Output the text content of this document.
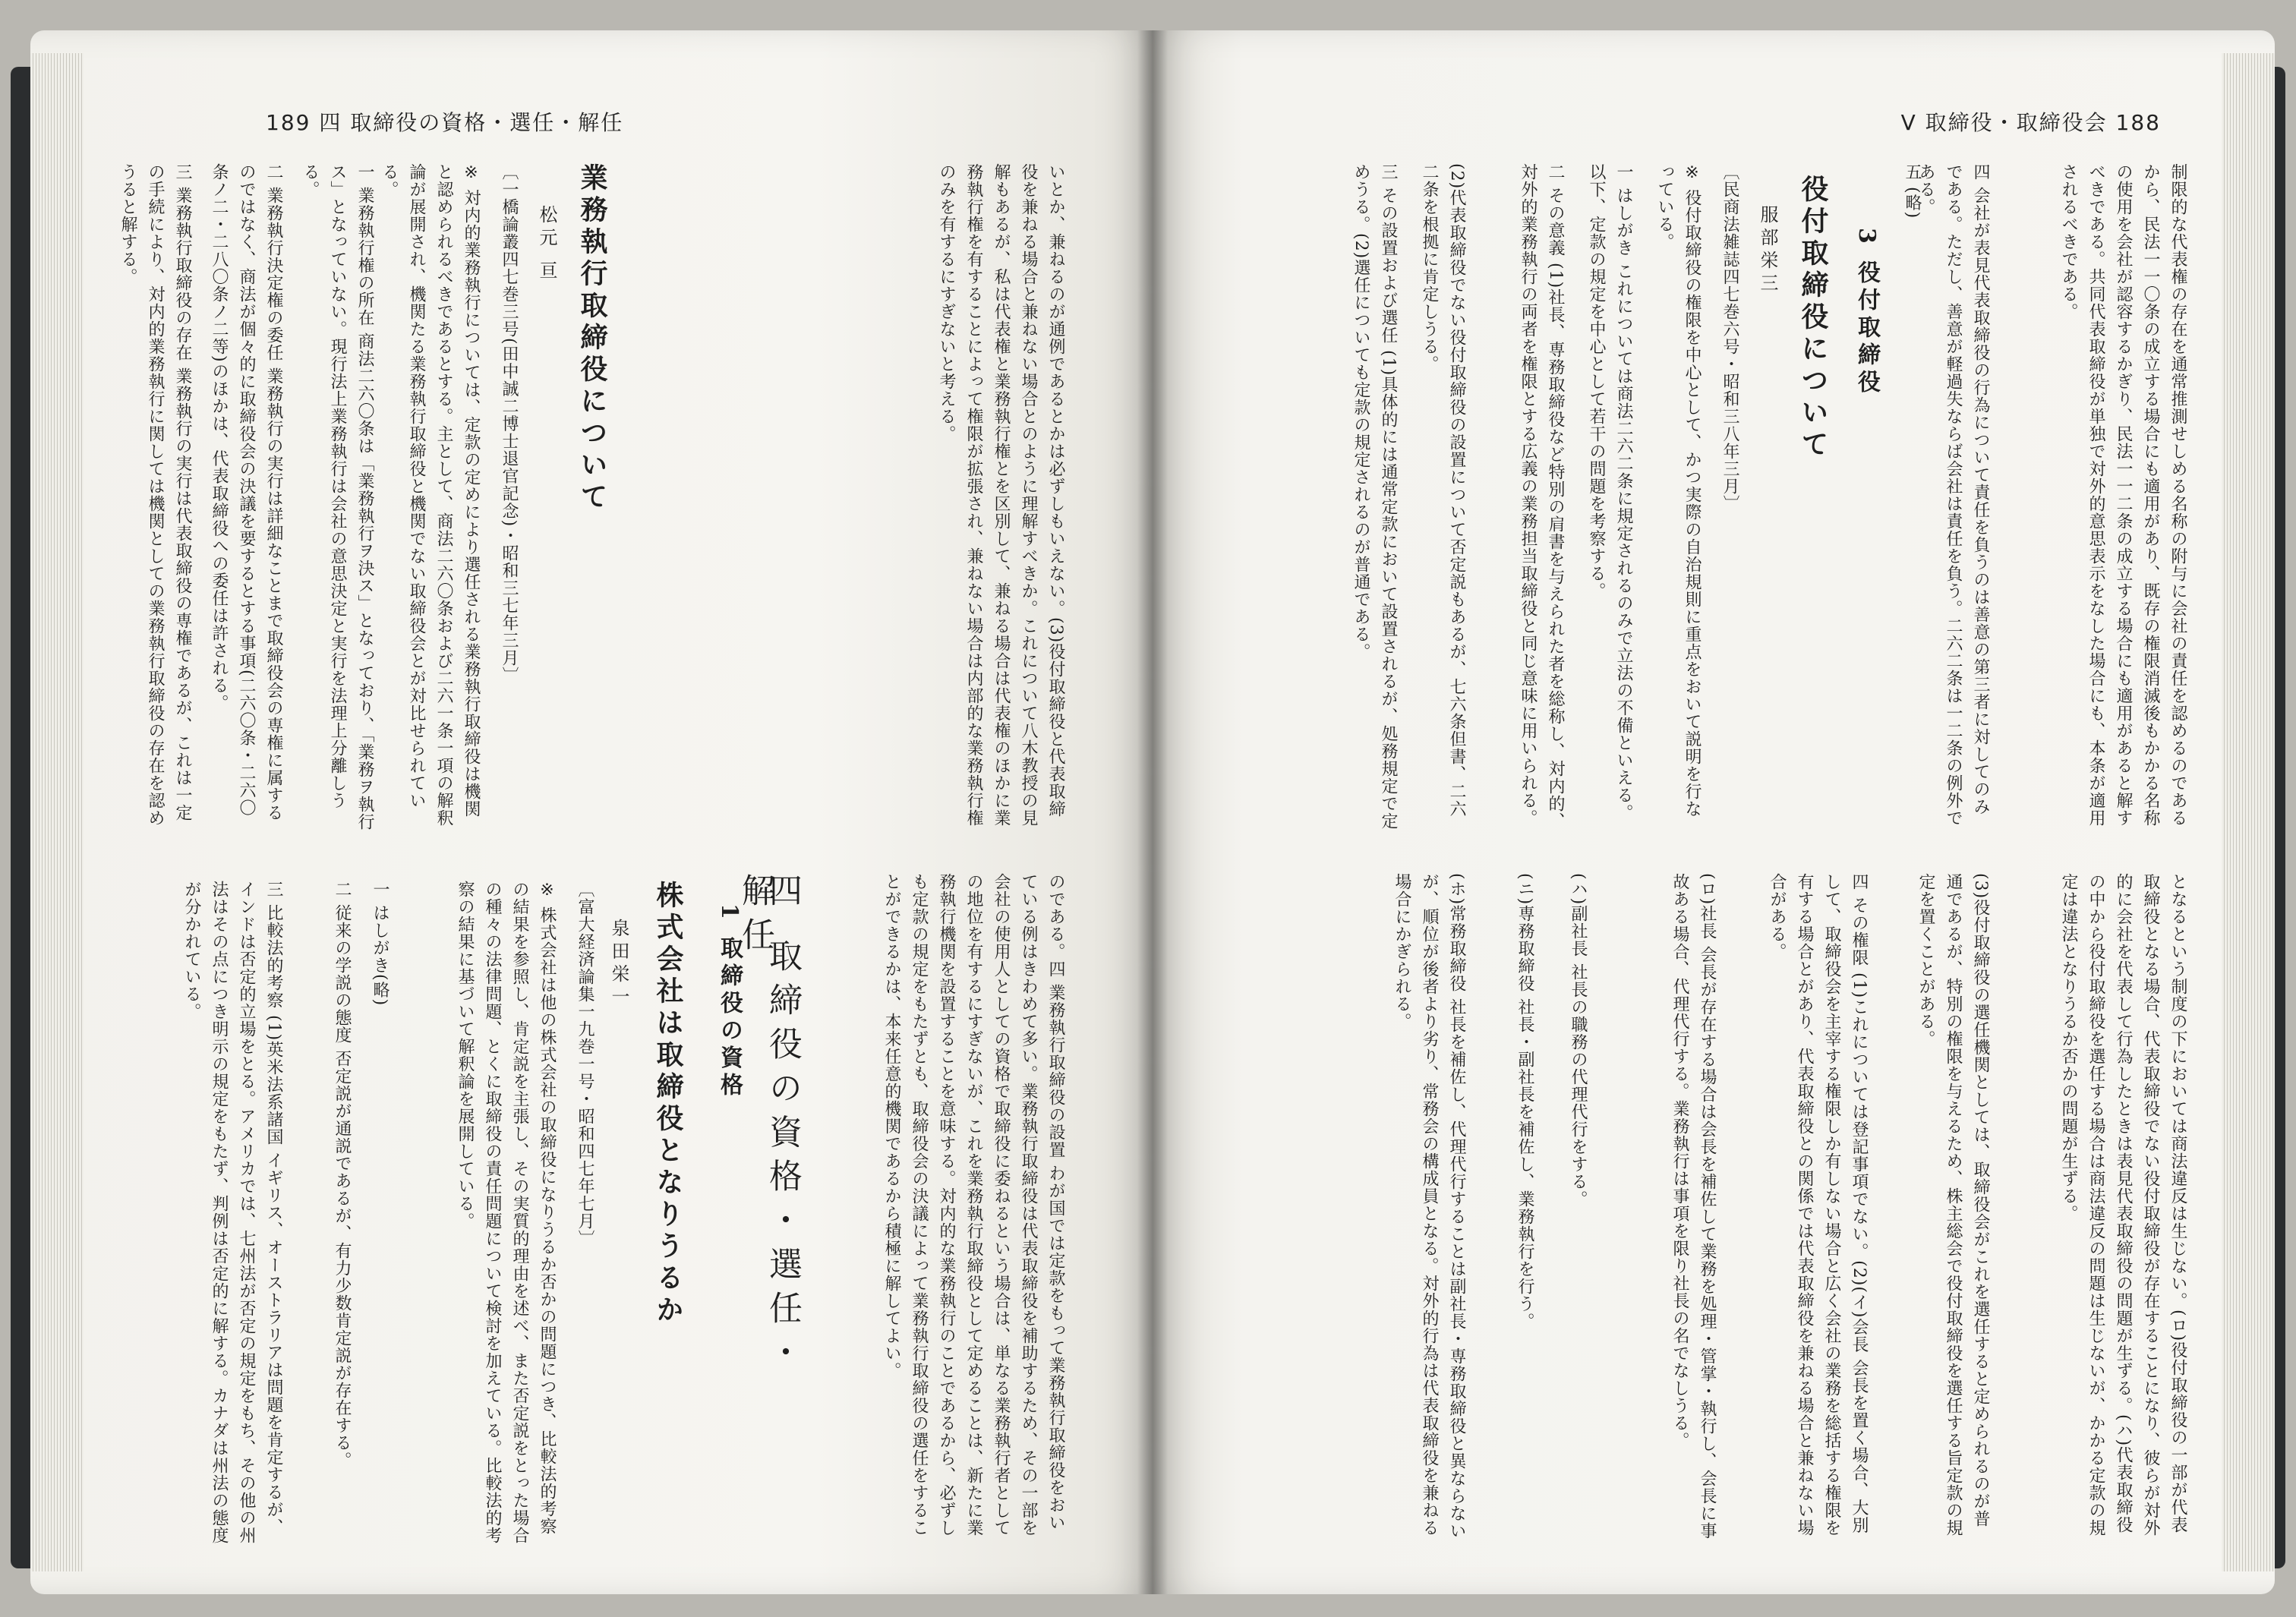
189 四 取締役の資格・選任・解任
業務執行取締役について
松元 亘
〔一橋論叢四七巻三号(田中誠二博士退官記念)・昭和三七年三月〕
※ 対内的業務執行については、定款の定めにより選任される業務執行取締役は機関と認められるべきであるとする。主として、商法二六〇条および二六一条一項の解釈論が展開され、機関たる業務執行取締役と機関でない取締役会とが対比せられている。
一 業務執行権の所在 商法二六〇条は「業務執行ヲ決ス」となっており、「業務ヲ執行ス」となっていない。現行法上業務執行は会社の意思決定と実行を法理上分離しうる。
二 業務執行決定権の委任 業務執行の実行は詳細なことまで取締役会の専権に属するのではなく、商法が個々的に取締役会の決議を要するとする事項(二六〇条・二六〇条ノ二・二八〇条ノ二等)のほかは、代表取締役への委任は許される。
三 業務執行取締役の存在 業務執行の実行は代表取締役の専権であるが、これは一定の手続により、対内的業務執行に関しては機関としての業務執行取締役の存在を認めうると解する。	いとか、兼ねるのが通例であるとかは必ずしもいえない。(3)役付取締役と代表取締役を兼ねる場合と兼ねない場合とのように理解すべきか。これについて八木教授の見解もあるが、私は代表権と業務執行権とを区別して、兼ねる場合は代表権のほかに業務執行権を有することによって権限が拡張され、兼ねない場合は内部的な業務執行権のみを有するにすぎないと考える。
四 取締役の資格・選任・解任
1 取締役の資格
株式会社は取締役となりうるか
泉田栄一
〔富大経済論集一九巻一号・昭和四七年七月〕
※ 株式会社は他の株式会社の取締役になりうるか否かの問題につき、比較法的考察の結果を参照し、肯定説を主張し、その実質的理由を述べ、また否定説をとった場合の種々の法律問題、とくに取締役の責任問題について検討を加えている。比較法的考察の結果に基づいて解釈論を展開している。
一 はしがき(略)
二 従来の学説の態度 否定説が通説であるが、有力少数肯定説が存在する。
三 比較法的考察 (1)英米法系諸国 イギリス、オーストラリアは問題を肯定するが、インドは否定的立場をとる。アメリカでは、七州法が否定の規定をもち、その他の州法はその点につき明示の規定をもたず、判例は否定的に解する。カナダは州法の態度が分かれている。	のである。四 業務執行取締役の設置 わが国では定款をもって業務執行取締役をおいている例はきわめて多い。業務執行取締役は代表取締役を補助するため、その一部を会社の使用人としての資格で取締役に委ねるという場合は、単なる業務執行者としての地位を有するにすぎないが、これを業務執行取締役として定めることは、新たに業務執行機関を設置することを意味する。対内的な業務執行のことであるから、必ずしも定款の規定をもたずとも、取締役会の決議によって業務執行取締役の選任をすることができるかは、本来任意的機関であるから積極に解してよい。
V 取締役・取締役会 188
制限的な代表権の存在を通常推測せしめる名称の附与に会社の責任を認めるのであるから、民法一一〇条の成立する場合にも適用があり、既存の権限消滅後もかかる名称の使用を会社が認容するかぎり、民法一一二条の成立する場合にも適用があると解すべきである。共同代表取締役が単独で対外的意思表示をなした場合にも、本条が適用されるべきである。
四 会社が表見代表取締役の行為について責任を負うのは善意の第三者に対してのみである。ただし、善意が軽過失ならば会社は責任を負う。二六二条は一二条の例外である。
五 (略)
3 役付取締役
役付取締役について
服部栄三
〔民商法雑誌四七巻六号・昭和三八年三月〕
※ 役付取締役の権限を中心として、かつ実際の自治規則に重点をおいて説明を行なっている。
一 はしがき これについては商法二六二条に規定されるのみで立法の不備といえる。以下、定款の規定を中心として若干の問題を考察する。
二 その意義 (1)社長、専務取締役など特別の肩書を与えられた者を総称し、対内的、対外的業務執行の両者を権限とする広義の業務担当取締役と同じ意味に用いられる。
(2)代表取締役でない役付取締役の設置について否定説もあるが、七六条但書、二六二条を根拠に肯定しうる。
三 その設置および選任 (1)具体的には通常定款において設置されるが、処務規定で定めうる。(2)選任についても定款の規定されるのが普通である。
となるという制度の下においては商法違反は生じない。(ロ)役付取締役の一部が代表取締役となる場合、代表取締役でない役付取締役が存在することになり、彼らが対外的に会社を代表して行為したときは表見代表取締役の問題が生ずる。(ハ)代表取締役の中から役付取締役を選任する場合は商法違反の問題は生じないが、かかる定款の規定は違法となりうるか否かの問題が生ずる。
(3)役付取締役の選任機関としては、取締役会がこれを選任すると定められるのが普通であるが、特別の権限を与えるため、株主総会で役付取締役を選任する旨定款の規定を置くことがある。
四 その権限 (1)これについては登記事項でない。(2)(イ)会長 会長を置く場合、大別して、取締役会を主宰する権限しか有しない場合と広く会社の業務を総括する権限を有する場合とがあり、代表取締役との関係では代表取締役を兼ねる場合と兼ねない場合がある。
(ロ)社長 会長が存在する場合は会長を補佐して業務を処理・管掌・執行し、会長に事故ある場合、代理代行する。業務執行は事項を限り社長の名でなしうる。
(ハ)副社長 社長の職務の代理代行をする。
(ニ)専務取締役 社長・副社長を補佐し、業務執行を行う。
(ホ)常務取締役 社長を補佐し、代理代行することは副社長・専務取締役と異ならないが、順位が後者より劣り、常務会の構成員となる。対外的行為は代表取締役を兼ねる場合にかぎられる。
